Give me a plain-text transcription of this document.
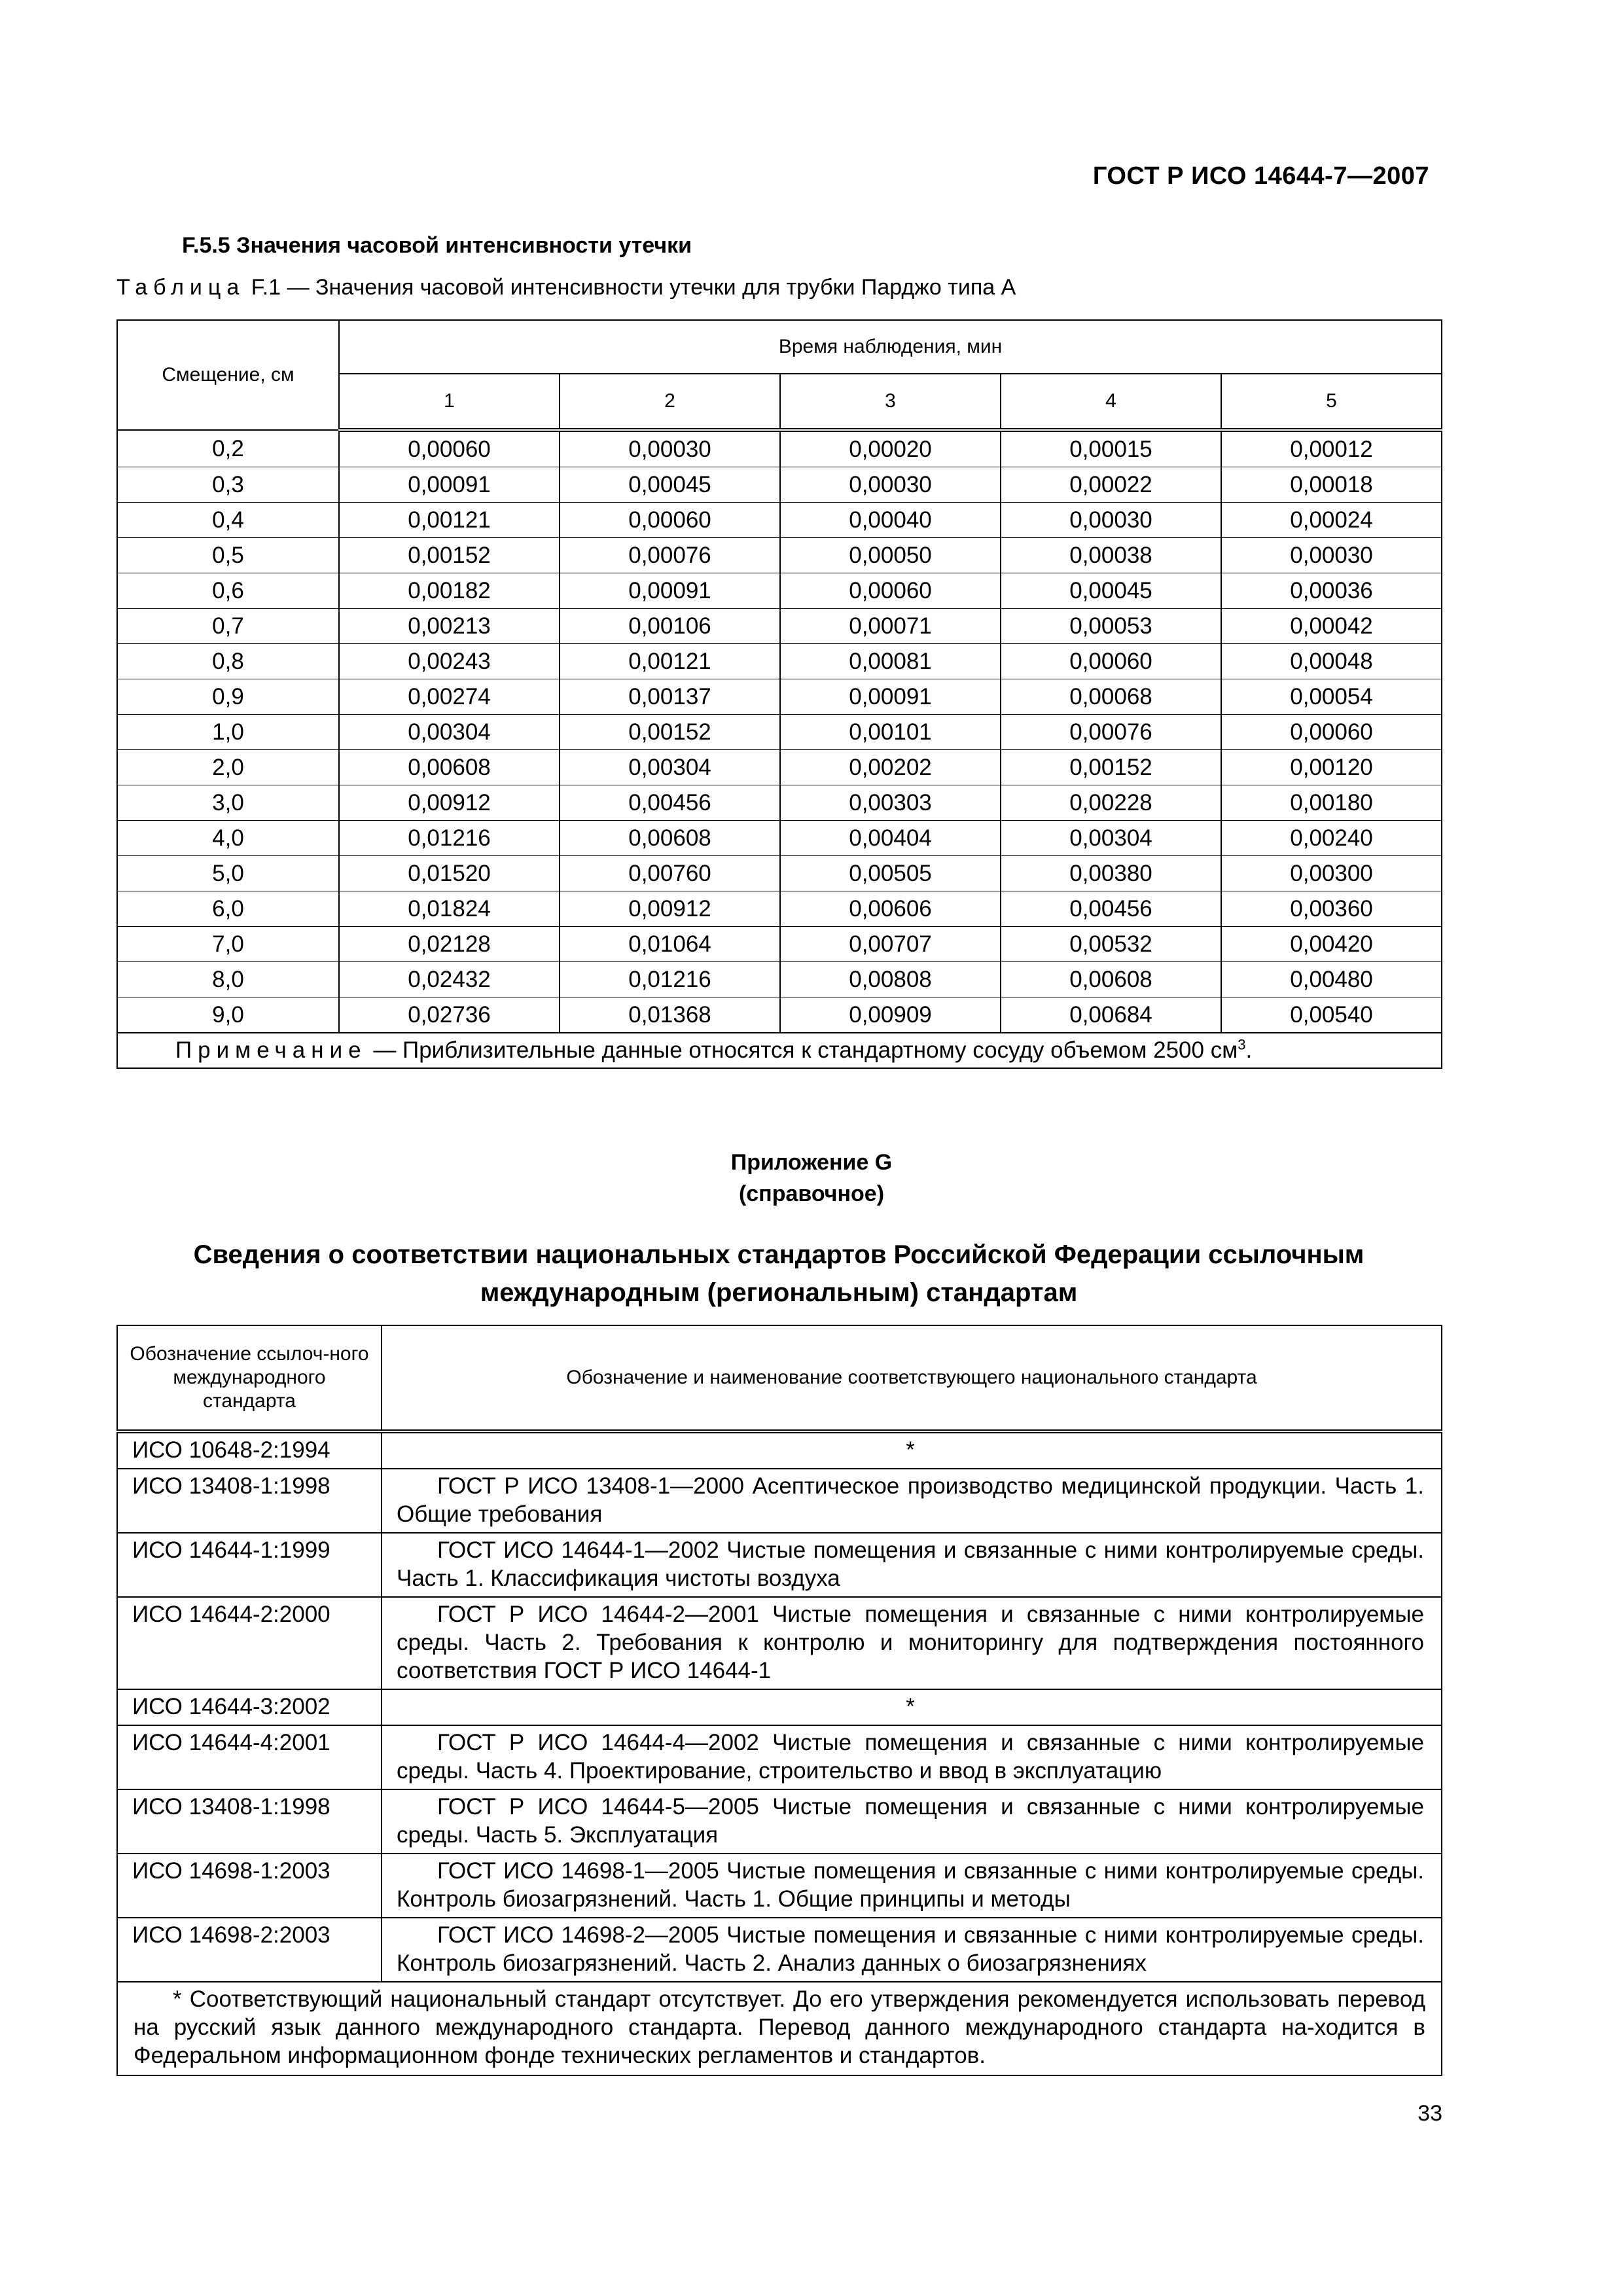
ГОСТ Р ИСО 14644-7—2007
F.5.5 Значения часовой интенсивности утечки
Таблица F.1 — Значения часовой интенсивности утечки для трубки Парджо типа А
Смещение, см	Время наблюдения, мин				
	1	2	3	4	5
0,2	0,00060	0,00030	0,00020	0,00015	0,00012
0,3	0,00091	0,00045	0,00030	0,00022	0,00018
0,4	0,00121	0,00060	0,00040	0,00030	0,00024
0,5	0,00152	0,00076	0,00050	0,00038	0,00030
0,6	0,00182	0,00091	0,00060	0,00045	0,00036
0,7	0,00213	0,00106	0,00071	0,00053	0,00042
0,8	0,00243	0,00121	0,00081	0,00060	0,00048
0,9	0,00274	0,00137	0,00091	0,00068	0,00054
1,0	0,00304	0,00152	0,00101	0,00076	0,00060
2,0	0,00608	0,00304	0,00202	0,00152	0,00120
3,0	0,00912	0,00456	0,00303	0,00228	0,00180
4,0	0,01216	0,00608	0,00404	0,00304	0,00240
5,0	0,01520	0,00760	0,00505	0,00380	0,00300
6,0	0,01824	0,00912	0,00606	0,00456	0,00360
7,0	0,02128	0,01064	0,00707	0,00532	0,00420
8,0	0,02432	0,01216	0,00808	0,00608	0,00480
9,0	0,02736	0,01368	0,00909	0,00684	0,00540
Примечание — Приблизительные данные относятся к стандартному сосуду объемом 2500 $см^3$.					
Приложение G
(справочное)
Сведения о соответствии национальных стандартов Российской Федерации ссылочным международным (региональным) стандартам
Обозначение ссылоч-ного международного стандарта	Обозначение и наименование соответствующего национального стандарта
ИСО 10648-2:1994	*
ИСО 13408-1:1998	ГОСТ Р ИСО 13408-1—2000 Асептическое производство медицинской продукции. Часть 1. Общие требования
ИСО 14644-1:1999	ГОСТ ИСО 14644-1—2002 Чистые помещения и связанные с ними контролируемые среды. Часть 1. Классификация чистоты воздуха
ИСО 14644-2:2000	ГОСТ Р ИСО 14644-2—2001 Чистые помещения и связанные с ними контролируемые среды. Часть 2. Требования к контролю и мониторингу для подтверждения постоянного соответствия ГОСТ Р ИСО 14644-1
ИСО 14644-3:2002	*
ИСО 14644-4:2001	ГОСТ Р ИСО 14644-4—2002 Чистые помещения и связанные с ними контролируемые среды. Часть 4. Проектирование, строительство и ввод в эксплуатацию
ИСО 13408-1:1998	ГОСТ Р ИСО 14644-5—2005 Чистые помещения и связанные с ними контролируемые среды. Часть 5. Эксплуатация
ИСО 14698-1:2003	ГОСТ ИСО 14698-1—2005 Чистые помещения и связанные с ними контролируемые среды. Контроль биозагрязнений. Часть 1. Общие принципы и методы
ИСО 14698-2:2003	ГОСТ ИСО 14698-2—2005 Чистые помещения и связанные с ними контролируемые среды. Контроль биозагрязнений. Часть 2. Анализ данных о биозагрязнениях
* Соответствующий национальный стандарт отсутствует. До его утверждения рекомендуется использовать перевод на русский язык данного международного стандарта. Перевод данного международного стандарта на-ходится в Федеральном информационном фонде технических регламентов и стандартов.	
33
